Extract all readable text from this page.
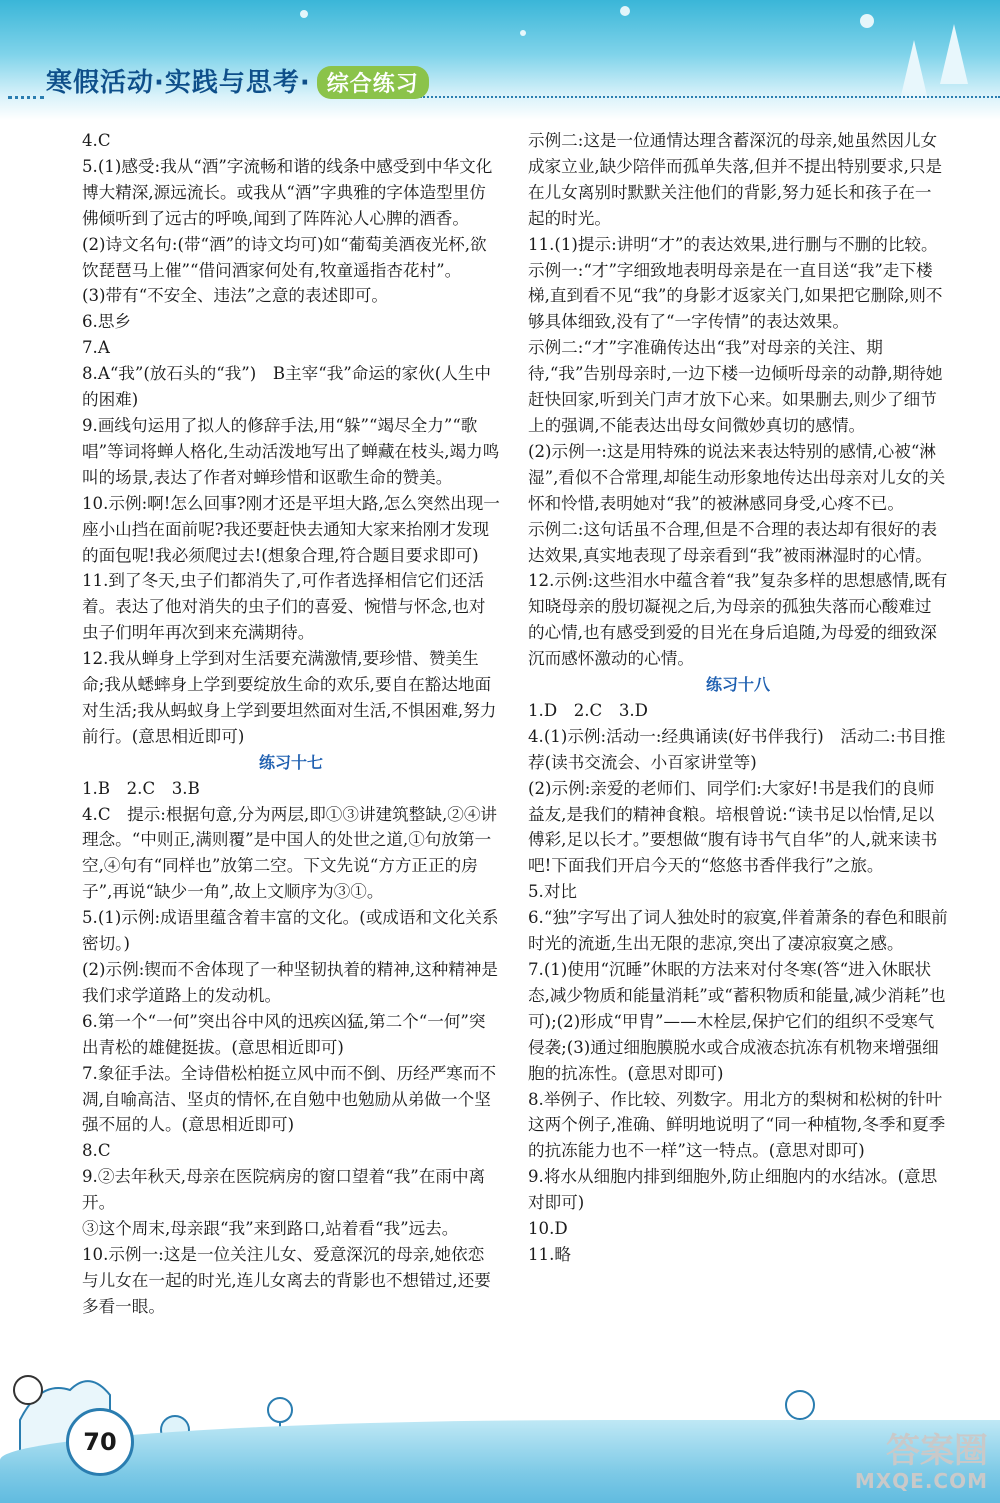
寒假活动·实践与思考· 综合练习

4.C

5.(1)感受:我从“酒”字流畅和谐的线条中感受到中华文化博大精深,源远流长。或我从“酒”字典雅的字体造型里仿佛倾听到了远古的呼唤,闻到了阵阵沁人心脾的酒香。

(2)诗文名句:(带“酒”的诗文均可)如“葡萄美酒夜光杯,欲饮琵琶马上催”“借问酒家何处有,牧童遥指杏花村”。

(3)带有“不安全、违法”之意的表述即可。

6.思乡

7.A

8.A“我”(放石头的“我”)　B主宰“我”命运的家伙(人生中的困难)

9.画线句运用了拟人的修辞手法,用“躲”“竭尽全力”“歌唱”等词将蝉人格化,生动活泼地写出了蝉藏在枝头,竭力鸣叫的场景,表达了作者对蝉珍惜和讴歌生命的赞美。

10.示例:啊!怎么回事?刚才还是平坦大路,怎么突然出现一座小山挡在面前呢?我还要赶快去通知大家来抬刚才发现的面包呢!我必须爬过去!(想象合理,符合题目要求即可)

11.到了冬天,虫子们都消失了,可作者选择相信它们还活着。表达了他对消失的虫子们的喜爱、惋惜与怀念,也对虫子们明年再次到来充满期待。

12.我从蝉身上学到对生活要充满激情,要珍惜、赞美生命;我从蟋蟀身上学到要绽放生命的欢乐,要自在豁达地面对生活;我从蚂蚁身上学到要坦然面对生活,不惧困难,努力前行。(意思相近即可)

练习十七

1.B　2.C　3.B

4.C　提示:根据句意,分为两层,即①③讲建筑整缺,②④讲理念。“中则正,满则覆”是中国人的处世之道,①句放第一空,④句有“同样也”放第二空。下文先说“方方正正的房子”,再说“缺少一角”,故上文顺序为③①。

5.(1)示例:成语里蕴含着丰富的文化。(或成语和文化关系密切。)

(2)示例:锲而不舍体现了一种坚韧执着的精神,这种精神是我们求学道路上的发动机。

6.第一个“一何”突出谷中风的迅疾凶猛,第二个“一何”突出青松的雄健挺拔。(意思相近即可)

7.象征手法。全诗借松柏挺立风中而不倒、历经严寒而不凋,自喻高洁、坚贞的情怀,在自勉中也勉励从弟做一个坚强不屈的人。(意思相近即可)

8.C

9.②去年秋天,母亲在医院病房的窗口望着“我”在雨中离开。

③这个周末,母亲跟“我”来到路口,站着看“我”远去。

10.示例一:这是一位关注儿女、爱意深沉的母亲,她依恋与儿女在一起的时光,连儿女离去的背影也不想错过,还要多看一眼。

示例二:这是一位通情达理含蓄深沉的母亲,她虽然因儿女成家立业,缺少陪伴而孤单失落,但并不提出特别要求,只是在儿女离别时默默关注他们的背影,努力延长和孩子在一起的时光。

11.(1)提示:讲明“才”的表达效果,进行删与不删的比较。

示例一:“才”字细致地表明母亲是在一直目送“我”走下楼梯,直到看不见“我”的身影才返家关门,如果把它删除,则不够具体细致,没有了“一字传情”的表达效果。

示例二:“才”字准确传达出“我”对母亲的关注、期待,“我”告别母亲时,一边下楼一边倾听母亲的动静,期待她赶快回家,听到关门声才放下心来。如果删去,则少了细节上的强调,不能表达出母女间微妙真切的感情。

(2)示例一:这是用特殊的说法来表达特别的感情,心被“淋湿”,看似不合常理,却能生动形象地传达出母亲对儿女的关怀和怜惜,表明她对“我”的被淋感同身受,心疼不已。

示例二:这句话虽不合理,但是不合理的表达却有很好的表达效果,真实地表现了母亲看到“我”被雨淋湿时的心情。

12.示例:这些泪水中蕴含着“我”复杂多样的思想感情,既有知晓母亲的殷切凝视之后,为母亲的孤独失落而心酸难过的心情,也有感受到爱的目光在身后追随,为母爱的细致深沉而感怀激动的心情。

练习十八

1.D　2.C　3.D

4.(1)示例:活动一:经典诵读(好书伴我行)　活动二:书目推荐(读书交流会、小百家讲堂等)

(2)示例:亲爱的老师们、同学们:大家好!书是我们的良师益友,是我们的精神食粮。培根曾说:“读书足以怡情,足以傅彩,足以长才。”要想做“腹有诗书气自华”的人,就来读书吧!下面我们开启今天的“悠悠书香伴我行”之旅。

5.对比

6.“独”字写出了词人独处时的寂寞,伴着萧条的春色和眼前时光的流逝,生出无限的悲凉,突出了凄凉寂寞之感。

7.(1)使用“沉睡”休眠的方法来对付冬寒(答“进入休眠状态,减少物质和能量消耗”或“蓄积物质和能量,减少消耗”也可);(2)形成“甲胄”——木栓层,保护它们的组织不受寒气侵袭;(3)通过细胞膜脱水或合成液态抗冻有机物来增强细胞的抗冻性。(意思对即可)

8.举例子、作比较、列数字。用北方的梨树和松树的针叶这两个例子,准确、鲜明地说明了“同一种植物,冬季和夏季的抗冻能力也不一样”这一特点。(意思对即可)

9.将水从细胞内排到细胞外,防止细胞内的水结冰。(意思对即可)

10.D

11.略

70	答案圈
MXQE.COM
